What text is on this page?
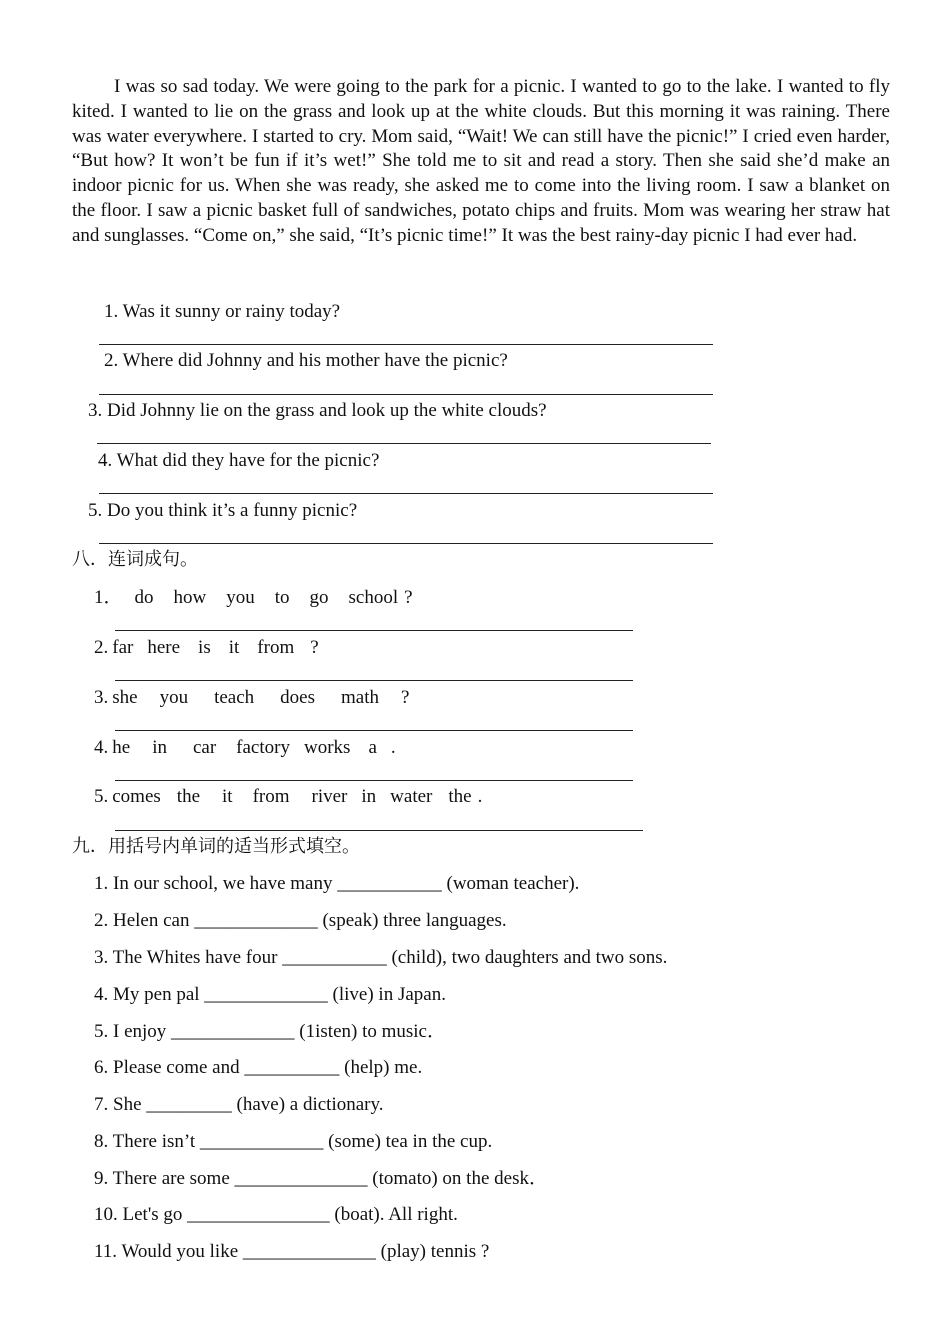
I was so sad today. We were going to the park for a picnic. I wanted to go to the lake. I wanted to fly kited. I wanted to lie on the grass and look up at the white clouds. But this morning it was raining. There was water everywhere. I started to cry. Mom said, “Wait! We can still have the picnic!” I cried even harder, “But how? It won’t be fun if it’s wet!” She told me to sit and read a story. Then she said she’d make an indoor picnic for us. When she was ready, she asked me to come into the living room. I saw a blanket on the floor. I saw a picnic basket full of sandwiches, potato chips and fruits. Mom was wearing her straw hat and sunglasses. “Come on,” she said, “It’s picnic time!” It was the best rainy-day picnic I had ever had.
1. Was it sunny or rainy today?
2. Where did Johnny and his mother have the picnic?
3. Did Johnny lie on the grass and look up the white clouds?
4. What did they have for the picnic?
5. Do you think it’s a funny picnic?
八．连词成句。
1． do how you to go school ?
2. far here is it from ?
3. she you teach does math ?
4. he in car factory works a .
5. comes the it from river in water the .
九．用括号内单词的适当形式填空。
1. In our school, we have many ___________ (woman teacher).
2. Helen can _____________ (speak) three languages.
3. The Whites have four ___________ (child), two daughters and two sons.
4. My pen pal _____________ (live) in Japan.
5. I enjoy _____________ (1isten) to music．
6. Please come and __________ (help) me.
7. She _________ (have) a dictionary.
8. There isn’t _____________ (some) tea in the cup.
9. There are some ______________ (tomato) on the desk．
10. Let's go _______________ (boat). All right.
11. Would you like ______________ (play) tennis ?
